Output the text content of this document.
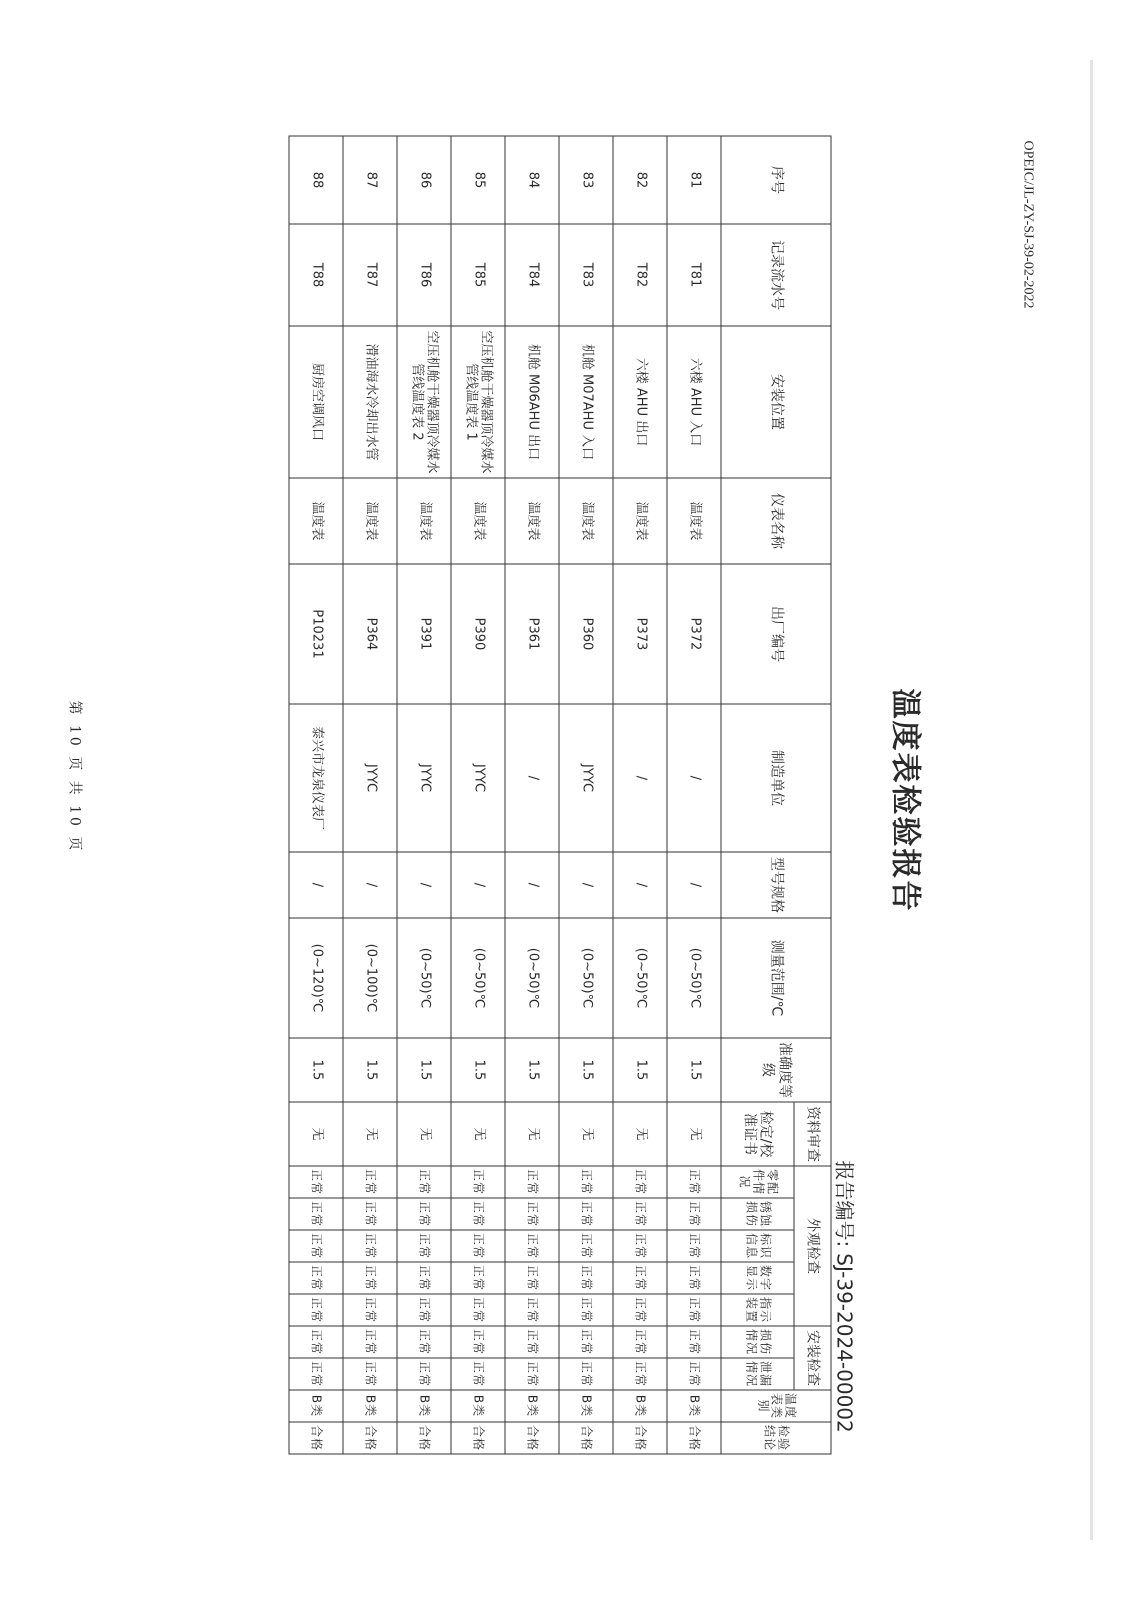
OPEIC/JL-ZY-SJ-39-02-2022
温度表检验报告
报告编号:SJ-39-2024-00002
序号	记录流水号	安装位置	仪表名称	出厂编号	制造单位	型号规格	测量范围/℃	准确度等级	资料审查	外观检查					安装检查		温度表类别	检验结论
									检定/校准证书	零配件情况	锈蚀损伤	标识信息	数字显示	指示装置	损伤情况	泄漏情况		
81	T81	六楼 AHU 入口	温度表	P372	/	/	(0~50)℃	1.5	无	正常	正常	正常	正常	正常	正常	正常	B类	合格
82	T82	六楼 AHU 出口	温度表	P373	/	/	(0~50)℃	1.5	无	正常	正常	正常	正常	正常	正常	正常	B类	合格
83	T83	机舱 M07AHU 入口	温度表	P360	JYYC	/	(0~50)℃	1.5	无	正常	正常	正常	正常	正常	正常	正常	B类	合格
84	T84	机舱 M06AHU 出口	温度表	P361	/	/	(0~50)℃	1.5	无	正常	正常	正常	正常	正常	正常	正常	B类	合格
85	T85	空压机舱干燥器顶冷媒水管线温度表 1	温度表	P390	JYYC	/	(0~50)℃	1.5	无	正常	正常	正常	正常	正常	正常	正常	B类	合格
86	T86	空压机舱干燥器顶冷媒水管线温度表 2	温度表	P391	JYYC	/	(0~50)℃	1.5	无	正常	正常	正常	正常	正常	正常	正常	B类	合格
87	T87	滑油海水冷却出水管	温度表	P364	JYYC	/	(0~100)℃	1.5	无	正常	正常	正常	正常	正常	正常	正常	B类	合格
88	T88	厨房空调风口	温度表	P10231	泰兴市龙泉仪表厂	/	(0~120)℃	1.5	无	正常	正常	正常	正常	正常	正常	正常	B类	合格
第 10 页 共 10 页
